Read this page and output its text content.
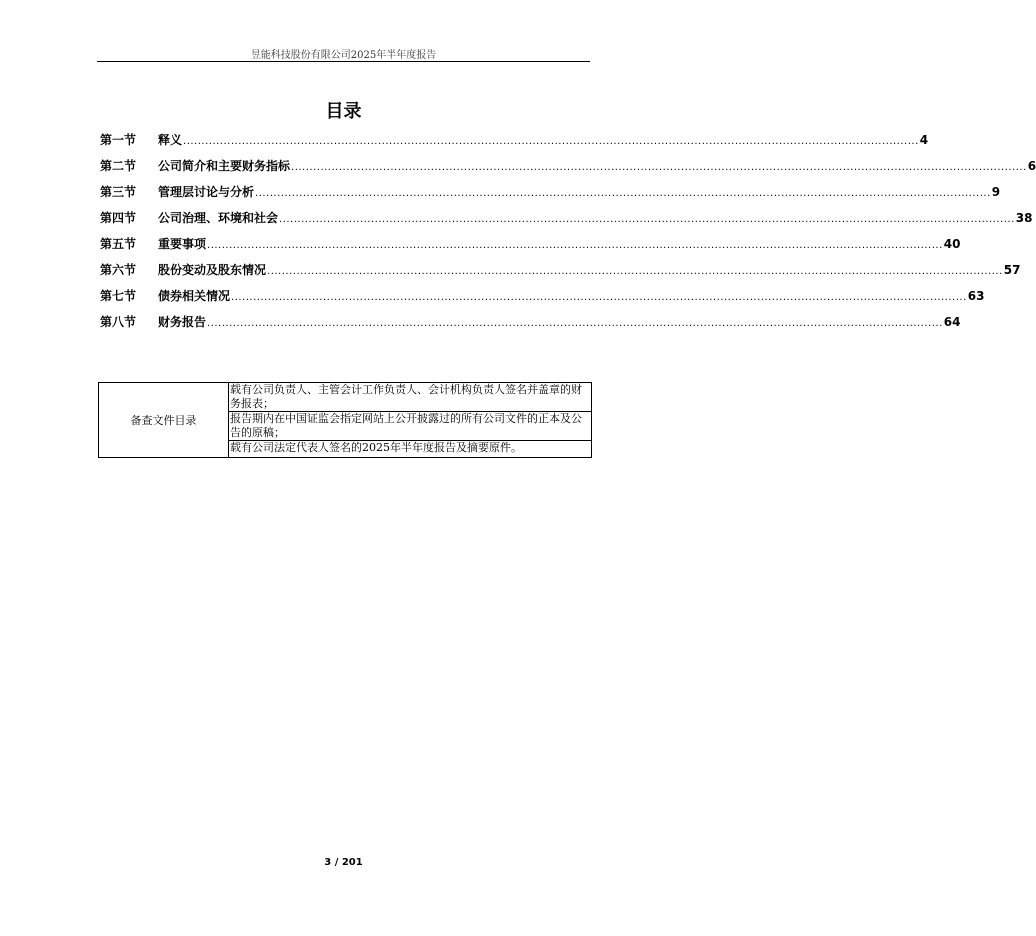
昱能科技股份有限公司2025年半年度报告
目录
第一节	释义 ........................................................................................................................................................................................................ 4
第二节	公司简介和主要财务指标 ........................................................................................................................................................................................................ 6
第三节	管理层讨论与分析 ........................................................................................................................................................................................................ 9
第四节	公司治理、环境和社会 ........................................................................................................................................................................................................ 38
第五节	重要事项 ........................................................................................................................................................................................................ 40
第六节	股份变动及股东情况 ........................................................................................................................................................................................................ 57
第七节	债券相关情况 ........................................................................................................................................................................................................ 63
第八节	财务报告 ........................................................................................................................................................................................................ 64
备查文件目录	载有公司负责人、主管会计工作负责人、会计机构负责人签名并盖章的财务报表；
报告期内在中国证监会指定网站上公开披露过的所有公司文件的正本及公告的原稿；
载有公司法定代表人签名的2025年半年度报告及摘要原件。
3 / 201
